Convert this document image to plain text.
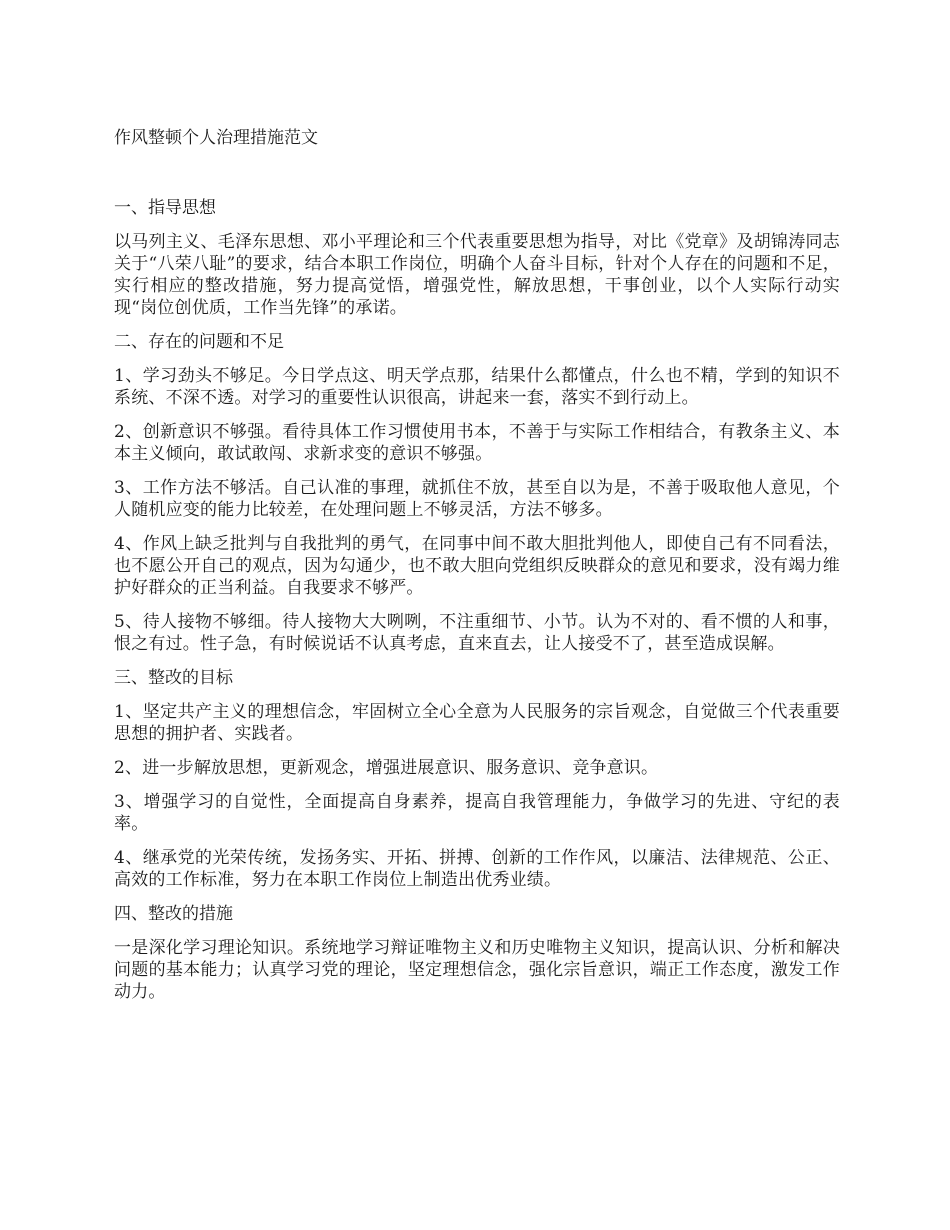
作风整顿个人治理措施范文
一、指导思想

以马列主义、毛泽东思想、邓小平理论和三个代表重要思想为指导，对比《党章》及胡锦涛同志关于“八荣八耻”的要求，结合本职工作岗位，明确个人奋斗目标，针对个人存在的问题和不足，实行相应的整改措施，努力提高觉悟，增强党性，解放思想，干事创业，以个人实际行动实现“岗位创优质，工作当先锋”的承诺。

二、存在的问题和不足

1、学习劲头不够足。今日学点这、明天学点那，结果什么都懂点，什么也不精，学到的知识不系统、不深不透。对学习的重要性认识很高，讲起来一套，落实不到行动上。

2、创新意识不够强。看待具体工作习惯使用书本，不善于与实际工作相结合，有教条主义、本本主义倾向，敢试敢闯、求新求变的意识不够强。

3、工作方法不够活。自己认准的事理，就抓住不放，甚至自以为是，不善于吸取他人意见，个人随机应变的能力比较差，在处理问题上不够灵活，方法不够多。

4、作风上缺乏批判与自我批判的勇气，在同事中间不敢大胆批判他人，即使自己有不同看法，也不愿公开自己的观点，因为勾通少，也不敢大胆向党组织反映群众的意见和要求，没有竭力维护好群众的正当利益。自我要求不够严。

5、待人接物不够细。待人接物大大咧咧，不注重细节、小节。认为不对的、看不惯的人和事，恨之有过。性子急，有时候说话不认真考虑，直来直去，让人接受不了，甚至造成误解。

三、整改的目标

1、坚定共产主义的理想信念，牢固树立全心全意为人民服务的宗旨观念，自觉做三个代表重要思想的拥护者、实践者。

2、进一步解放思想，更新观念，增强进展意识、服务意识、竞争意识。

3、增强学习的自觉性，全面提高自身素养，提高自我管理能力，争做学习的先进、守纪的表率。

4、继承党的光荣传统，发扬务实、开拓、拼搏、创新的工作作风，以廉洁、法律规范、公正、高效的工作标准，努力在本职工作岗位上制造出优秀业绩。

四、整改的措施

一是深化学习理论知识。系统地学习辩证唯物主义和历史唯物主义知识，提高认识、分析和解决问题的基本能力；认真学习党的理论，坚定理想信念，强化宗旨意识，端正工作态度，激发工作动力。
